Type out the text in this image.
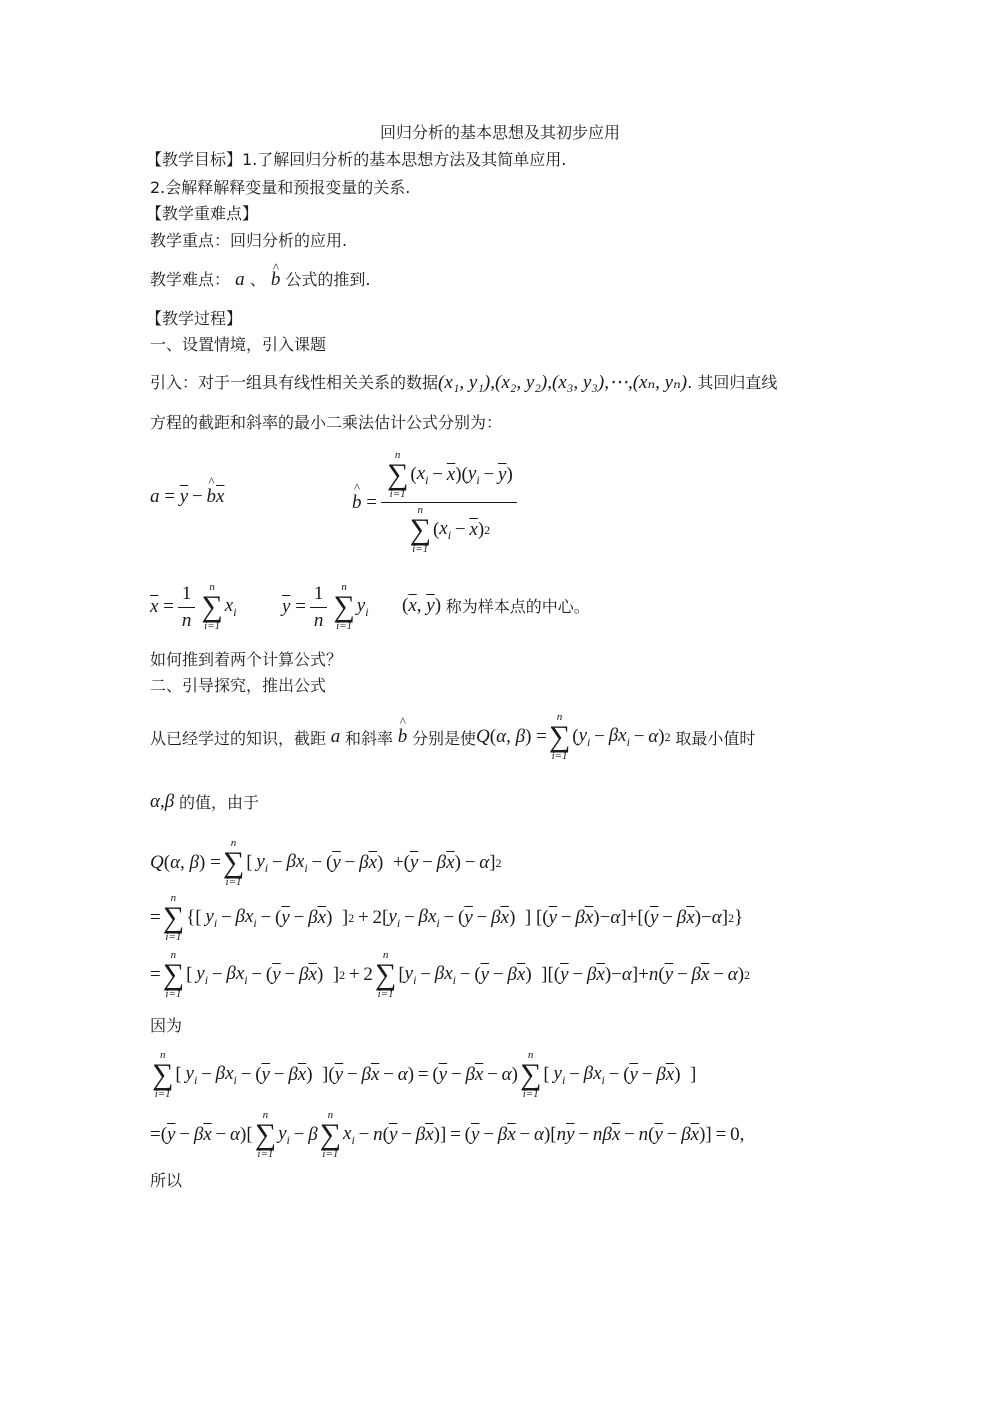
回归分析的基本思想及其初步应用
【教学目标】1.了解回归分析的基本思想方法及其简单应用.
2.会解释解释变量和预报变量的关系.
【教学重难点】
教学重点：回归分析的应用.
教学难点： a 、 ^ b 公式的推到.
【教学过程】
一、设置情境，引入课题
引入：对于一组具有线性相关关系的数据(x₁, y₁),(x₂, y₂),(x₃, y₃),⋯,(xₙ, yₙ). 其回归直线
方程的截距和斜率的最小二乘法估计公式分别为：
$a = \overline{y}$  −  ^ b $\overline{x}$	^ b = n
∑
i=1
( $x_i - \overline{x}$ )( $y_i - \overline{y}$ )
n
∑
i=1
( $x_i - \overline{x}$ ) 2
$\overline{x} = \frac{1}{n}$ n
∑
i=1
$x_i$ $\overline{y} = \frac{1}{n}$ n
∑
i=1
$y_i$ ( $\overline{x}$ , $\overline{y}$ ) 称为样本点的中心。
如何推到着两个计算公式？
二、引导探究，推出公式
从已经学过的知识，截距 a 和斜率
^ b
分别是使 Q ( α , β ) =
n
∑
i=1
( $y_i - \beta x_i - \alpha$ ) 2
取最小值时
α,β
的值，由于
Q ( α , β ) =
n
∑
i=1
[  $y_i - \beta x_i$  − ( $\overline{y} - \beta$ $\overline{x}$ )  +( $\overline{y} - \beta$ $\overline{x}$ ) −  α ] 2
=
n
∑
i=1
{[  $y_i - \beta x_i$  − ( $\overline{y} - \beta$ $\overline{x}$ )  ] 2  + 2[ $y_i - \beta x_i$  − ( $\overline{y} - \beta$ $\overline{x}$ )  ] [( $\overline{y} - \beta$ $\overline{x}$ )− α ]+[( $\overline{y} - \beta$ $\overline{x}$ )− α ] 2 }
=
n
∑
i=1
[  $y_i - \beta x_i$  − ( $\overline{y} - \beta$ $\overline{x}$ )  ] 2  + 2
n
∑
i=1
[ $y_i - \beta x_i$  − ( $\overline{y} - \beta$ $\overline{x}$ )  ][( $\overline{y} - \beta$ $\overline{x}$ )− α ]+ n ( $\overline{y} - \beta$ $\overline{x} - \alpha$ ) 2
因为
n
∑
i=1
[  $y_i - \beta x_i$  − ( $\overline{y} - \beta$ $\overline{x}$ )  ]( $\overline{y} - \beta$ $\overline{x} - \alpha$ ) = ( $\overline{y} - \beta$ $\overline{x} - \alpha$ )
n
∑
i=1
[  $y_i - \beta x_i$  − ( $\overline{y} - \beta$ $\overline{x}$ )  ]
=( $\overline{y} - \beta$ $\overline{x} - \alpha$ )[
n
∑
i=1
$y_i - \beta$
n
∑
i=1
$x_i - n$ ( $\overline{y} - \beta$ $\overline{x}$ )] = ( $\overline{y} - \beta$ $\overline{x} - \alpha$ )[ n $\overline{y} - n\beta$ $\overline{x} - n$ ( $\overline{y} - \beta$ $\overline{x}$ )] = 0,
所以
